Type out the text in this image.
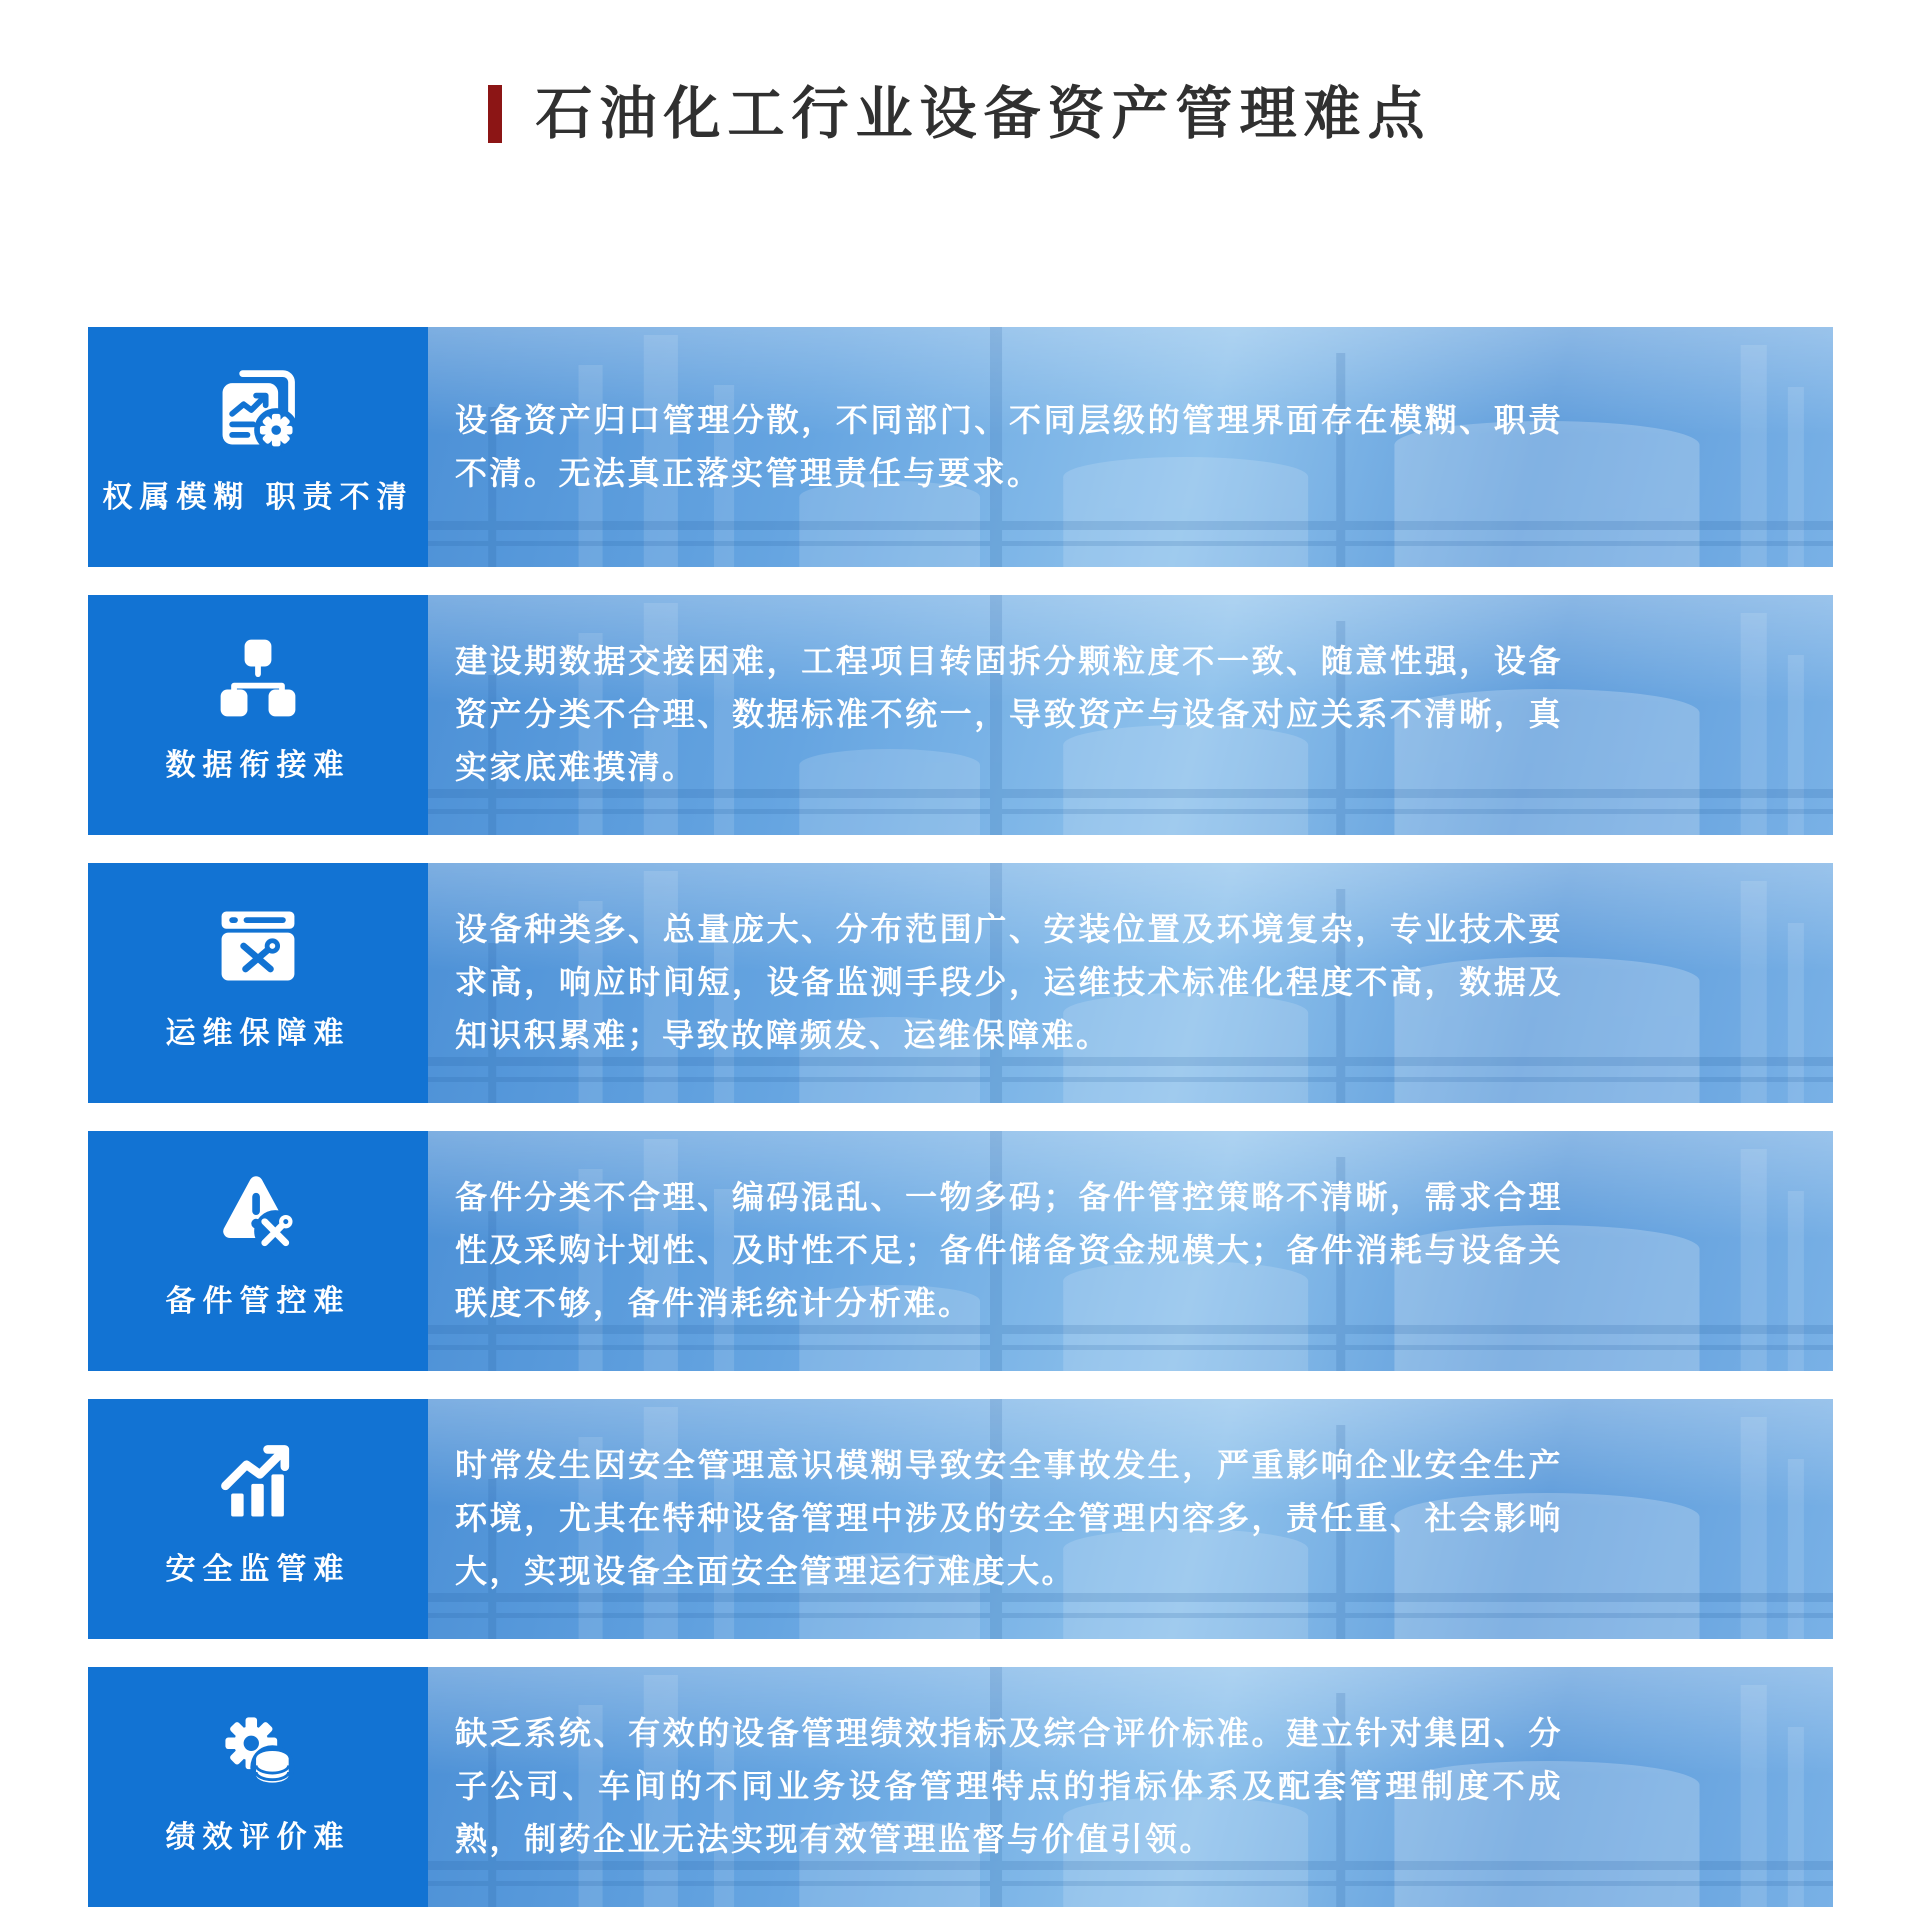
石油化工行业设备资产管理难点
权属模糊 职责不清

设备资产归口管理分散，不同部门、不同层级的管理界面存在模糊、职责不清。无法真正落实管理责任与要求。

数据衔接难

建设期数据交接困难，工程项目转固拆分颗粒度不一致、随意性强，设备资产分类不合理、数据标准不统一，导致资产与设备对应关系不清晰，真实家底难摸清。

运维保障难

设备种类多、总量庞大、分布范围广、安装位置及环境复杂，专业技术要求高，响应时间短，设备监测手段少，运维技术标准化程度不高，数据及知识积累难；导致故障频发、运维保障难。

备件管控难

备件分类不合理、编码混乱、一物多码；备件管控策略不清晰，需求合理性及采购计划性、及时性不足；备件储备资金规模大；备件消耗与设备关联度不够，备件消耗统计分析难。

安全监管难

时常发生因安全管理意识模糊导致安全事故发生，严重影响企业安全生产环境，尤其在特种设备管理中涉及的安全管理内容多，责任重、社会影响大，实现设备全面安全管理运行难度大。

绩效评价难

缺乏系统、有效的设备管理绩效指标及综合评价标准。建立针对集团、分子公司、车间的不同业务设备管理特点的指标体系及配套管理制度不成熟，制药企业无法实现有效管理监督与价值引领。
